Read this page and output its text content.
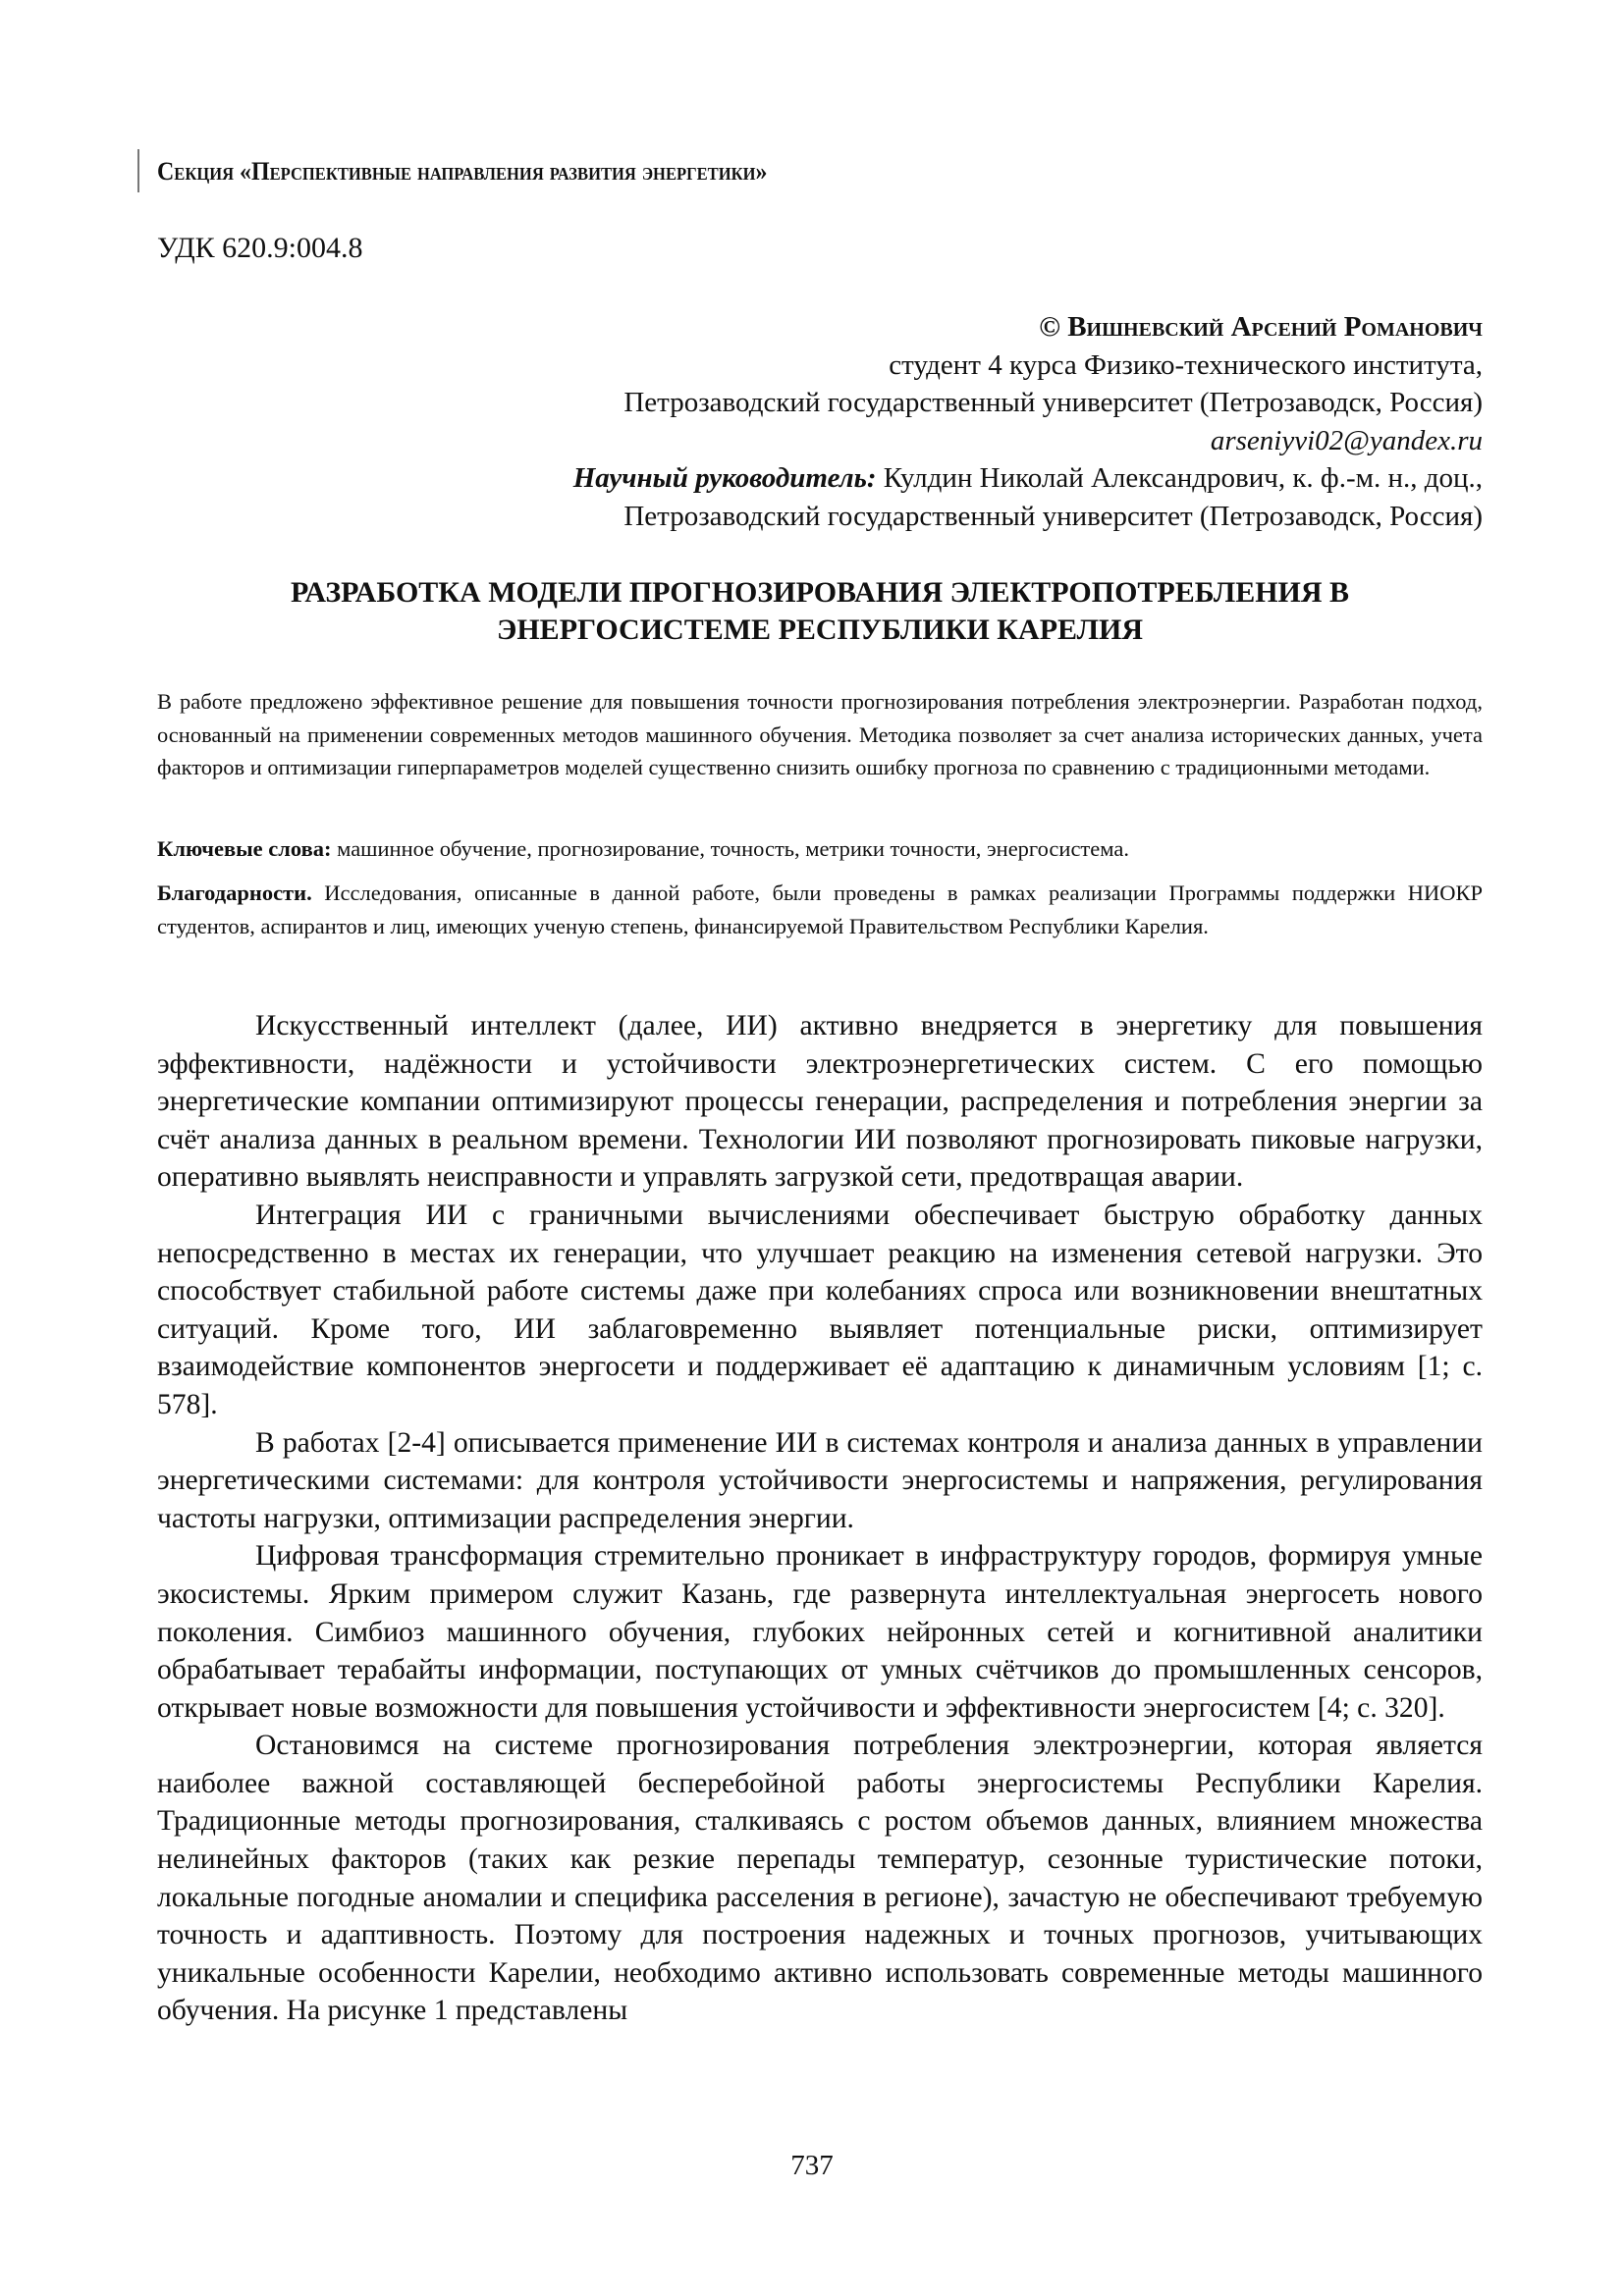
Секция «Перспективные направления развития энергетики»
УДК 620.9:004.8
© Вишневский Арсений Романович
студент 4 курса Физико-технического института,
Петрозаводский государственный университет (Петрозаводск, Россия)
arseniyvi02@yandex.ru
Научный руководитель: Кулдин Николай Александрович, к. ф.-м. н., доц.,
Петрозаводский государственный университет (Петрозаводск, Россия)
РАЗРАБОТКА МОДЕЛИ ПРОГНОЗИРОВАНИЯ ЭЛЕКТРОПОТРЕБЛЕНИЯ В
ЭНЕРГОСИСТЕМЕ РЕСПУБЛИКИ КАРЕЛИЯ
В работе предложено эффективное решение для повышения точности прогнозирования потребления электроэнергии. Разработан подход, основанный на применении современных методов машинного обучения. Методика позволяет за счет анализа исторических данных, учета факторов и оптимизации гиперпараметров моделей существенно снизить ошибку прогноза по сравнению с традиционными методами.
Ключевые слова: машинное обучение, прогнозирование, точность, метрики точности, энергосистема.
Благодарности. Исследования, описанные в данной работе, были проведены в рамках реализации Программы поддержки НИОКР студентов, аспирантов и лиц, имеющих ученую степень, финансируемой Правительством Республики Карелия.

Искусственный интеллект (далее, ИИ) активно внедряется в энергетику для повышения эффективности, надёжности и устойчивости электроэнергетических систем. С его помощью энергетические компании оптимизируют процессы генерации, распределения и потребления энергии за счёт анализа данных в реальном времени. Технологии ИИ позволяют прогнозировать пиковые нагрузки, оперативно выявлять неисправности и управлять загрузкой сети, предотвращая аварии.

Интеграция ИИ с граничными вычислениями обеспечивает быструю обработку данных непосредственно в местах их генерации, что улучшает реакцию на изменения сетевой нагрузки. Это способствует стабильной работе системы даже при колебаниях спроса или возникновении внештатных ситуаций. Кроме того, ИИ заблаговременно выявляет потенциальные риски, оптимизирует взаимодействие компонентов энергосети и поддерживает её адаптацию к динамичным условиям [1; с. 578].

В работах [2-4] описывается применение ИИ в системах контроля и анализа данных в управлении энергетическими системами: для контроля устойчивости энергосистемы и напряжения, регулирования частоты нагрузки, оптимизации распределения энергии.

Цифровая трансформация стремительно проникает в инфраструктуру городов, формируя умные экосистемы. Ярким примером служит Казань, где развернута интеллектуальная энергосеть нового поколения. Симбиоз машинного обучения, глубоких нейронных сетей и когнитивной аналитики обрабатывает терабайты информации, поступающих от умных счётчиков до промышленных сенсоров, открывает новые возможности для повышения устойчивости и эффективности энергосистем [4; с. 320].

Остановимся на системе прогнозирования потребления электроэнергии, которая является наиболее важной составляющей бесперебойной работы энергосистемы Республики Карелия. Традиционные методы прогнозирования, сталкиваясь с ростом объемов данных, влиянием множества нелинейных факторов (таких как резкие перепады температур, сезонные туристические потоки, локальные погодные аномалии и специфика расселения в регионе), зачастую не обеспечивают требуемую точность и адаптивность. Поэтому для построения надежных и точных прогнозов, учитывающих уникальные особенности Карелии, необходимо активно использовать современные методы машинного обучения. На рисунке 1 представлены

737
